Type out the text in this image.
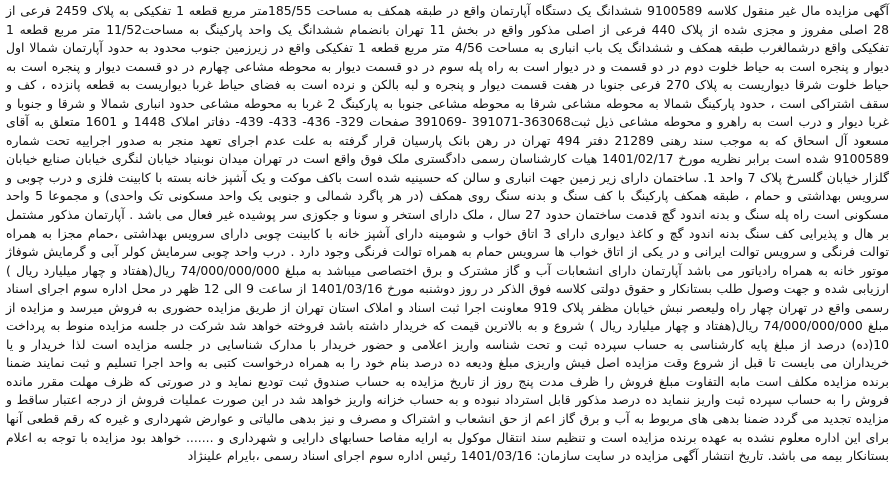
آگهی مزایده مال غیر منقول کلاسه 9100589 ششدانگ یک دستگاه آپارتمان واقع در طبقه همکف به مساحت 185/55متر مربع قطعه 1 تفکیکی به پلاک 2459 فرعی از 28 اصلی مفروز و مجزی شده از پلاک 440 فرعی از اصلی مذکور واقع در بخش 11 تهران بانضمام ششدانگ یک واحد پارکینگ به مساحت11/52 متر مربع قطعه 1 تفکیکی واقع درشمالغرب طبقه همکف و ششدانگ یک باب انباری به مساحت 4/56 متر مربع قطعه 1 تفکیکی واقع در زیرزمین جنوب محدود به حدود آپارتمان شمالا اول دیوار و پنجره است به حیاط خلوت دوم در دو قسمت و در دیوار است به راه پله سوم در دو قسمت دیوار به محوطه مشاعی چهارم در دو قسمت دیوار و پنجره است به حیاط خلوت شرقا دیواریست به پلاک 270 فرعی جنوبا در هفت قسمت دیوار و پنجره و لبه بالکن و نرده است به فضای حیاط غربا دیواریست به قطعه پانزده ، کف و سقف اشتراکی است ، حدود پارکینگ شمالا به محوطه مشاعی شرقا به محوطه مشاعی جنوبا به پارکینگ 2 غربا به محوطه مشاعی حدود انباری شمالا و شرقا و جنوبا و غربا دیوار و درب است به راهرو و محوطه مشاعی ذیل ثبت363068-391071 -391069 صفحات 329- 436- 433- 439- دفاتر املاک 1448 و 1601 متعلق به آقای مسعود آل اسحاق که به موجب سند رهنی 21289 دفتر 494 تهران در رهن بانک پارسیان قرار گرفته به علت عدم اجرای تعهد منجر به صدور اجراییه تحت شماره 9100589 شده است برابر نظریه مورخ 1401/02/17 هیات کارشناسان رسمی دادگستری ملک فوق واقع است در تهران میدان نوبنیاد خیابان لنگری خیابان صنایع خیابان گلزار خیابان گلسرخ پلاک 7 واحد 1. ساختمان دارای زیر زمین جهت انباری و سالن که حسینیه شده است باکف موکت و یک آشپز خانه بسته با کابینت فلزی و درب چوبی و سرویس بهداشتی و حمام ، طبقه همکف پارکینگ با کف سنگ و بدنه سنگ روی همکف (در هر پاگرد شمالی و جنوبی یک واحد مسکونی تک واحدی) و مجموعا 5 واحد مسکونی است راه پله سنگ و بدنه اندود گچ قدمت ساختمان حدود 27 سال ، ملک دارای استخر و سونا و جکوزی سر پوشیده غیر فعال می باشد . آپارتمان مذکور مشتمل بر هال و پذیرایی کف سنگ بدنه اندود گچ و کاغذ دیواری دارای 3 اتاق خواب و شومینه دارای آشپز خانه با کابینت چوبی دارای سرویس بهداشتی ،حمام مجزا به همراه توالت فرنگی و سرویس توالت ایرانی و در یکی از اتاق خواب ها سرویس حمام به همراه توالت فرنگی وجود دارد . درب واحد چوبی سرمایش کولر آبی و گرمایش شوفاژ موتور خانه به همراه رادیاتور می باشد آپارتمان دارای انشعابات آب و گاز مشترک و برق اختصاصی میباشد به مبلغ 74/000/000/000 ریال(هفتاد و چهار میلیارد ریال ) ارزیابی شده و جهت وصول طلب بستانکار و حقوق دولتی کلاسه فوق الذکر در روز دوشنبه مورخ 1401/03/16 از ساعت 9 الی 12 ظهر در محل اداره سوم اجرای اسناد رسمی واقع در تهران چهار راه ولیعصر نبش خیابان مظفر پلاک 919 معاونت اجرا ثبت اسناد و املاک استان تهران از طریق مزایده حضوری به فروش میرسد و مزایده از مبلغ 74/000/000/000 ریال(هفتاد و چهار میلیارد ریال ) شروع و به بالاترین قیمت که خریدار داشته باشد فروخته خواهد شد شرکت در جلسه مزایده منوط به پرداخت 10(ده) درصد از مبلغ پایه کارشناسی به حساب سپرده ثبت و تحت شناسه واریز اعلامی و حضور خریدار با مدارک شناسایی در جلسه مزایده است لذا خریدار و یا خریداران می بایست تا قبل از شروع وقت مزایده اصل فیش واریزی مبلغ ودیعه ده درصد بنام خود را به همراه درخواست کتبی به واحد اجرا تسلیم و ثبت نمایند ضمنا برنده مزایده مکلف است مابه التفاوت مبلغ فروش را ظرف مدت پنج روز از تاریخ مزایده به حساب صندوق ثبت تودیع نماید و در صورتی که ظرف مهلت مقرر مانده فروش را به حساب سپرده ثبت واریز ننماید ده درصد مذکور قابل استرداد نبوده و به حساب خزانه واریز خواهد شد در این صورت عملیات فروش از درجه اعتبار ساقط و مزایده تجدید می گردد ضمنا بدهی های مربوط به آب و برق گاز اعم از حق انشعاب و اشتراک و مصرف و نیز بدهی مالیاتی و عوارض شهرداری و غیره که رقم قطعی آنها برای این اداره معلوم نشده به عهده برنده مزایده است و تنظیم سند انتقال موکول به ارایه مفاصا حسابهای دارایی و شهرداری و ....... خواهد بود مزایده با توجه به اعلام بستانکار بیمه می باشد. تاریخ انتشار آگهی مزایده در سایت سازمان: 1401/03/16 رئیس اداره سوم اجرای اسناد رسمی ،بایرام علینژاد
